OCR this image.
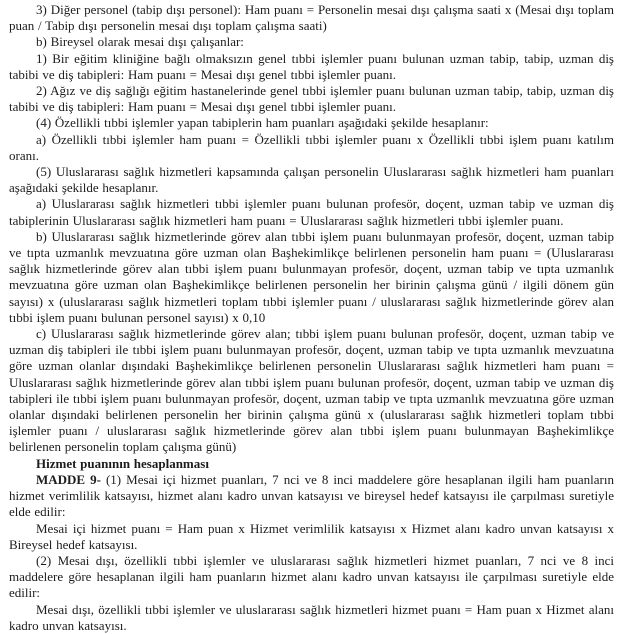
3) Diğer personel (tabip dışı personel): Ham puanı = Personelin mesai dışı çalışma saati x (Mesai dışı toplam puan / Tabip dışı personelin mesai dışı toplam çalışma saati)

b) Bireysel olarak mesai dışı çalışanlar:

1) Bir eğitim kliniğine bağlı olmaksızın genel tıbbi işlemler puanı bulunan uzman tabip, tabip, uzman diş tabibi ve diş tabipleri: Ham puanı = Mesai dışı genel tıbbi işlemler puanı.

2) Ağız ve diş sağlığı eğitim hastanelerinde genel tıbbi işlemler puanı bulunan uzman tabip, tabip, uzman diş tabibi ve diş tabipleri: Ham puanı = Mesai dışı genel tıbbi işlemler puanı.

(4) Özellikli tıbbi işlemler yapan tabiplerin ham puanları aşağıdaki şekilde hesaplanır:

a) Özellikli tıbbi işlemler ham puanı = Özellikli tıbbi işlemler puanı x Özellikli tıbbi işlem puanı katılım oranı.

(5) Uluslararası sağlık hizmetleri kapsamında çalışan personelin Uluslararası sağlık hizmetleri ham puanları aşağıdaki şekilde hesaplanır.

a) Uluslararası sağlık hizmetleri tıbbi işlemler puanı bulunan profesör, doçent, uzman tabip ve uzman diş tabiplerinin Uluslararası sağlık hizmetleri ham puanı = Uluslararası sağlık hizmetleri tıbbi işlemler puanı.

b) Uluslararası sağlık hizmetlerinde görev alan tıbbi işlem puanı bulunmayan profesör, doçent, uzman tabip ve tıpta uzmanlık mevzuatına göre uzman olan Başhekimlikçe belirlenen personelin ham puanı = (Uluslararası sağlık hizmetlerinde görev alan tıbbi işlem puanı bulunmayan profesör, doçent, uzman tabip ve tıpta uzmanlık mevzuatına göre uzman olan Başhekimlikçe belirlenen personelin her birinin çalışma günü / ilgili dönem gün sayısı) x (uluslararası sağlık hizmetleri toplam tıbbi işlemler puanı / uluslararası sağlık hizmetlerinde görev alan tıbbi işlem puanı bulunan personel sayısı) x 0,10

c) Uluslararası sağlık hizmetlerinde görev alan; tıbbi işlem puanı bulunan profesör, doçent, uzman tabip ve uzman diş tabipleri ile tıbbi işlem puanı bulunmayan profesör, doçent, uzman tabip ve tıpta uzmanlık mevzuatına göre uzman olanlar dışındaki Başhekimlikçe belirlenen personelin Uluslararası sağlık hizmetleri ham puanı = Uluslararası sağlık hizmetlerinde görev alan tıbbi işlem puanı bulunan profesör, doçent, uzman tabip ve uzman diş tabipleri ile tıbbi işlem puanı bulunmayan profesör, doçent, uzman tabip ve tıpta uzmanlık mevzuatına göre uzman olanlar dışındaki belirlenen personelin her birinin çalışma günü x (uluslararası sağlık hizmetleri toplam tıbbi işlemler puanı / uluslararası sağlık hizmetlerinde görev alan tıbbi işlem puanı bulunmayan Başhekimlikçe belirlenen personelin toplam çalışma günü)

Hizmet puanının hesaplanması

MADDE 9- (1) Mesai içi hizmet puanları, 7 nci ve 8 inci maddelere göre hesaplanan ilgili ham puanların hizmet verimlilik katsayısı, hizmet alanı kadro unvan katsayısı ve bireysel hedef katsayısı ile çarpılması suretiyle elde edilir:

Mesai içi hizmet puanı = Ham puan x Hizmet verimlilik katsayısı x Hizmet alanı kadro unvan katsayısı x Bireysel hedef katsayısı.

(2) Mesai dışı, özellikli tıbbi işlemler ve uluslararası sağlık hizmetleri hizmet puanları, 7 nci ve 8 inci maddelere göre hesaplanan ilgili ham puanların hizmet alanı kadro unvan katsayısı ile çarpılması suretiyle elde edilir:

Mesai dışı, özellikli tıbbi işlemler ve uluslararası sağlık hizmetleri hizmet puanı = Ham puan x Hizmet alanı kadro unvan katsayısı.
